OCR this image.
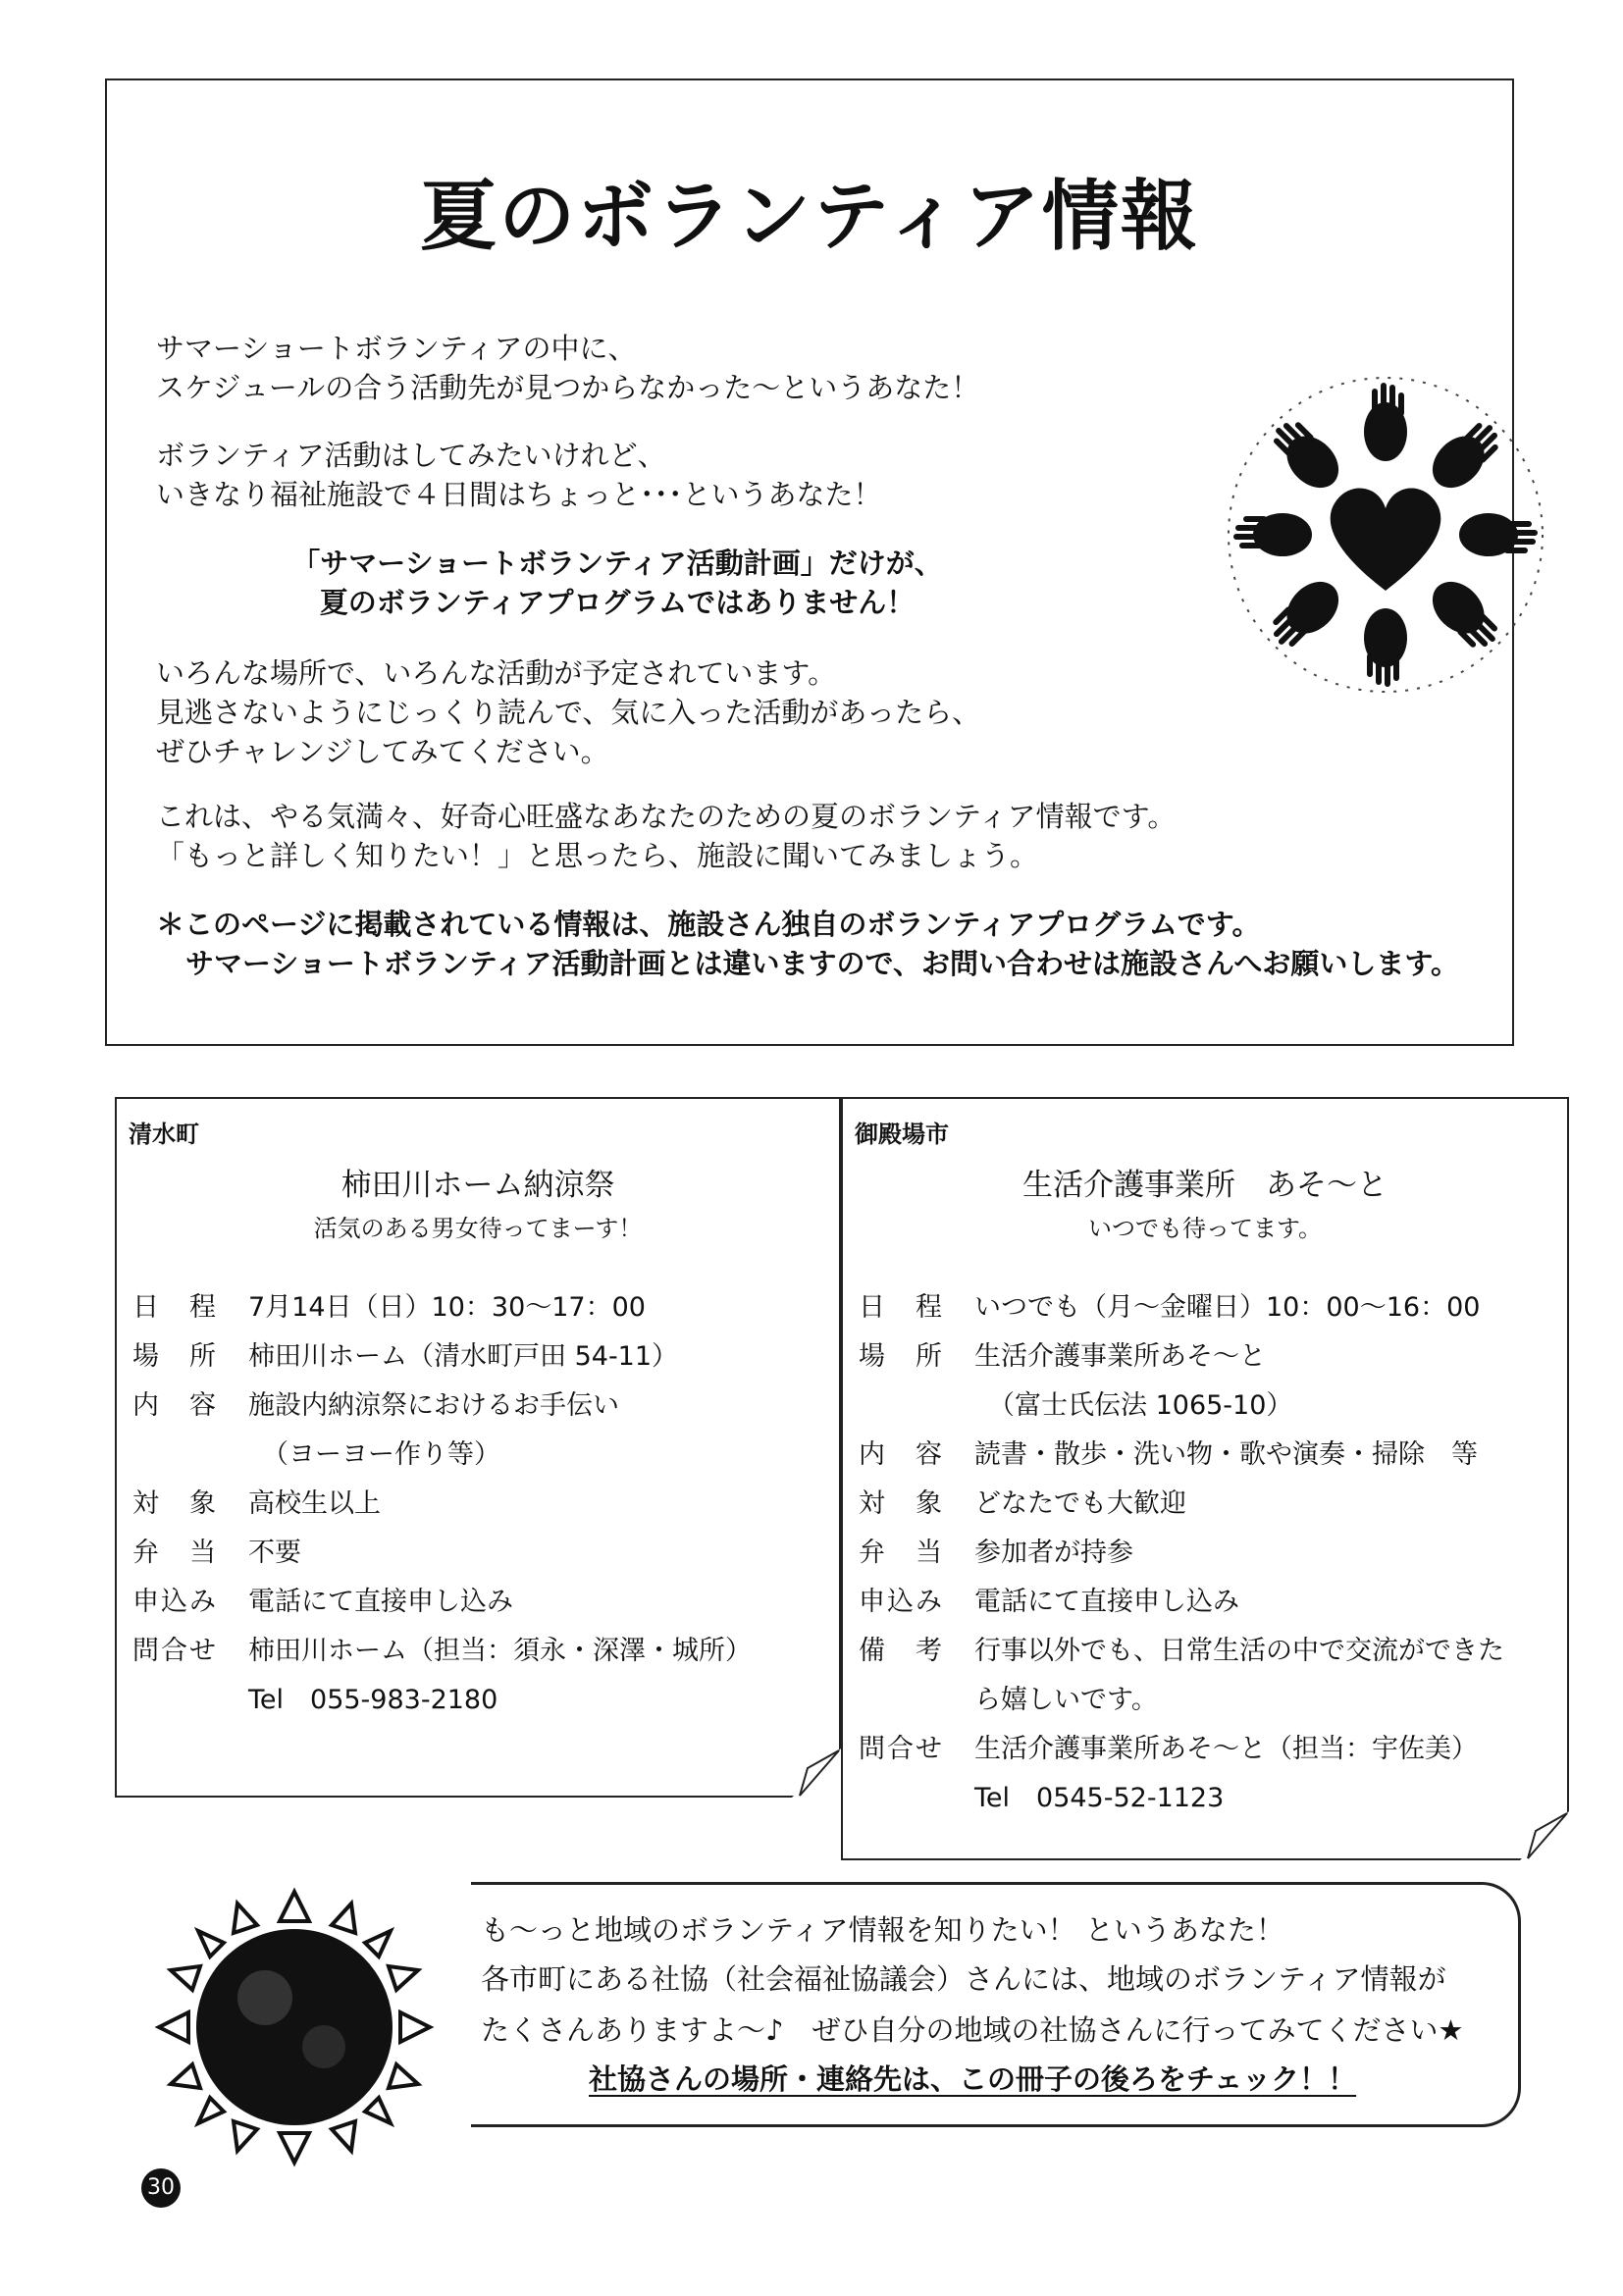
夏のボランティア情報
サマーショートボランティアの中に、
スケジュールの合う活動先が見つからなかった～というあなた！
ボランティア活動はしてみたいけれど、
いきなり福祉施設で４日間はちょっと･･･というあなた！
「サマーショートボランティア活動計画」だけが、
夏のボランティアプログラムではありません！
いろんな場所で、いろんな活動が予定されています。
見逃さないようにじっくり読んで、気に入った活動があったら、
ぜひチャレンジしてみてください。
これは、やる気満々、好奇心旺盛なあなたのための夏のボランティア情報です。
「もっと詳しく知りたい！」と思ったら、施設に聞いてみましょう。
＊このページに掲載されている情報は、施設さん独自のボランティアプログラムです。
サマーショートボランティア活動計画とは違いますので、お問い合わせは施設さんへお願いします。
清水町
柿田川ホーム納涼祭
活気のある男女待ってまーす！
日　程	7月14日（日）10：30～17：00
場　所	柿田川ホーム（清水町戸田 54-11）
内　容	施設内納涼祭におけるお手伝い
	（ヨーヨー作り等）
対　象	高校生以上
弁　当	不要
申込み	電話にて直接申し込み
問合せ	柿田川ホーム（担当：須永・深澤・城所）
	Tel　055-983-2180
御殿場市
生活介護事業所　あそ～と
いつでも待ってます。
日　程	いつでも（月～金曜日）10：00～16：00
場　所	生活介護事業所あそ～と
	（富士氏伝法 1065-10）
内　容	読書・散歩・洗い物・歌や演奏・掃除　等
対　象	どなたでも大歓迎
弁　当	参加者が持参
申込み	電話にて直接申し込み
備　考	行事以外でも、日常生活の中で交流ができた
	ら嬉しいです。
問合せ	生活介護事業所あそ～と（担当：宇佐美）
	Tel　0545-52-1123
も～っと地域のボランティア情報を知りたい！ というあなた！
各市町にある社協（社会福祉協議会）さんには、地域のボランティア情報が
たくさんありますよ～♪　ぜひ自分の地域の社協さんに行ってみてください★
社協さんの場所・連絡先は、この冊子の後ろをチェック！！
30
